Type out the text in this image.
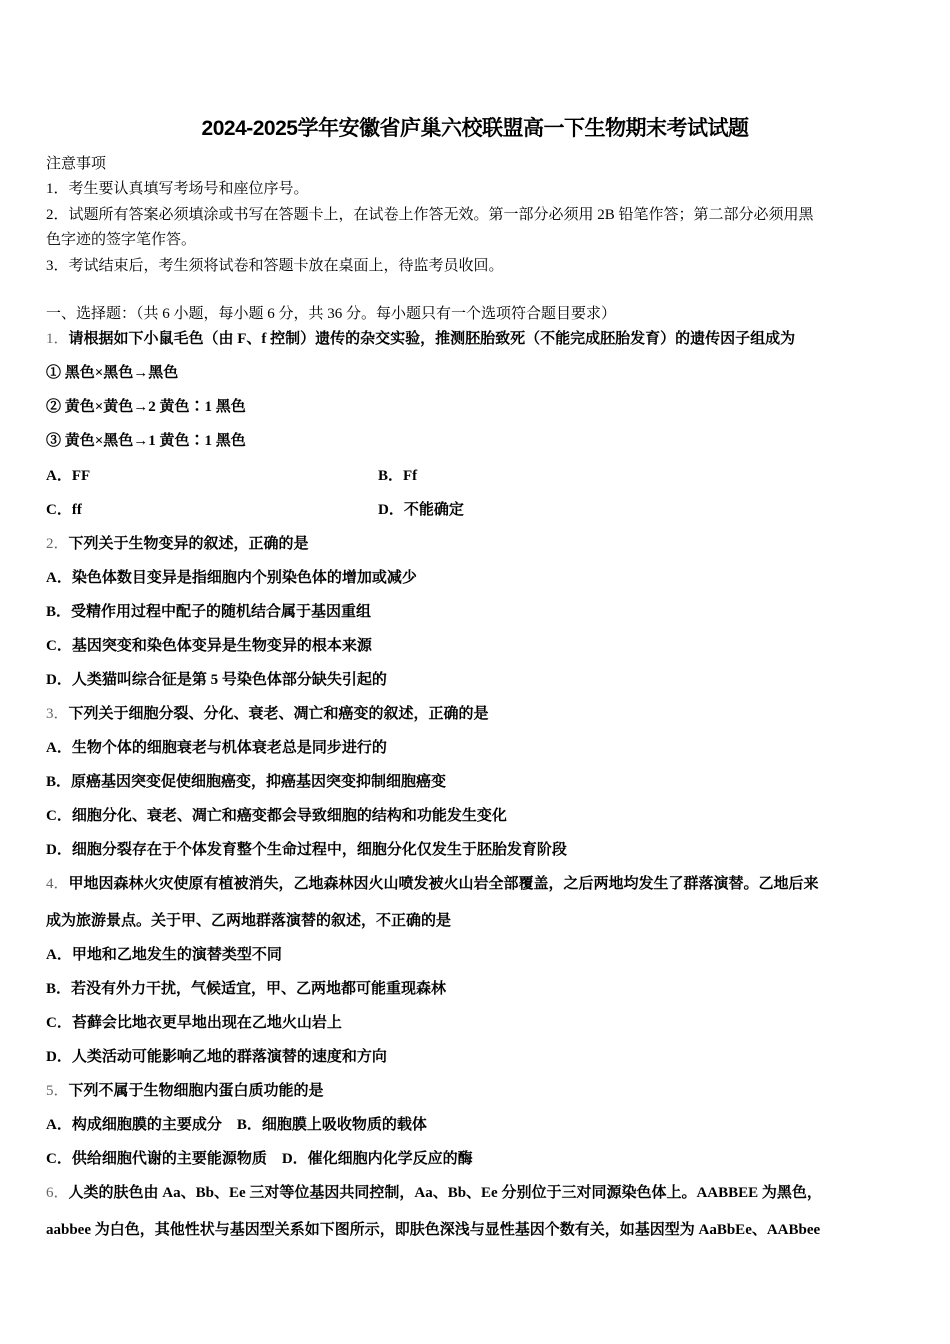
2024-2025学年安徽省庐巢六校联盟高一下生物期末考试试题
注意事项
1．考生要认真填写考场号和座位序号。
2．试题所有答案必须填涂或书写在答题卡上，在试卷上作答无效。第一部分必须用 2B 铅笔作答；第二部分必须用黑
色字迹的签字笔作答。
3．考试结束后，考生须将试卷和答题卡放在桌面上，待监考员收回。
一、选择题：（共 6 小题，每小题 6 分，共 36 分。每小题只有一个选项符合题目要求）
1．请根据如下小鼠毛色（由 F、f 控制）遗传的杂交实验，推测胚胎致死（不能完成胚胎发育）的遗传因子组成为
① 黑色×黑色→黑色
② 黄色×黄色→2 黄色∶1 黑色
③ 黄色×黑色→1 黄色∶1 黑色
A．FF	B．Ff
C．ff	D．不能确定
2．下列关于生物变异的叙述，正确的是
A．染色体数目变异是指细胞内个别染色体的增加或减少
B．受精作用过程中配子的随机结合属于基因重组
C．基因突变和染色体变异是生物变异的根本来源
D．人类猫叫综合征是第 5 号染色体部分缺失引起的
3．下列关于细胞分裂、分化、衰老、凋亡和癌变的叙述，正确的是
A．生物个体的细胞衰老与机体衰老总是同步进行的
B．原癌基因突变促使细胞癌变，抑癌基因突变抑制细胞癌变
C．细胞分化、衰老、凋亡和癌变都会导致细胞的结构和功能发生变化
D．细胞分裂存在于个体发育整个生命过程中，细胞分化仅发生于胚胎发育阶段
4．甲地因森林火灾使原有植被消失，乙地森林因火山喷发被火山岩全部覆盖，之后两地均发生了群落演替。乙地后来
成为旅游景点。关于甲、乙两地群落演替的叙述，不正确的是
A．甲地和乙地发生的演替类型不同
B．若没有外力干扰，气候适宜，甲、乙两地都可能重现森林
C．苔藓会比地衣更早地出现在乙地火山岩上
D．人类活动可能影响乙地的群落演替的速度和方向
5．下列不属于生物细胞内蛋白质功能的是
A．构成细胞膜的主要成分　B．细胞膜上吸收物质的载体
C．供给细胞代谢的主要能源物质　D．催化细胞内化学反应的酶
6．人类的肤色由 Aa、Bb、Ee 三对等位基因共同控制，Aa、Bb、Ee 分别位于三对同源染色体上。AABBEE 为黑色，
aabbee 为白色，其他性状与基因型关系如下图所示，即肤色深浅与显性基因个数有关，如基因型为 AaBbEe、AABbee
